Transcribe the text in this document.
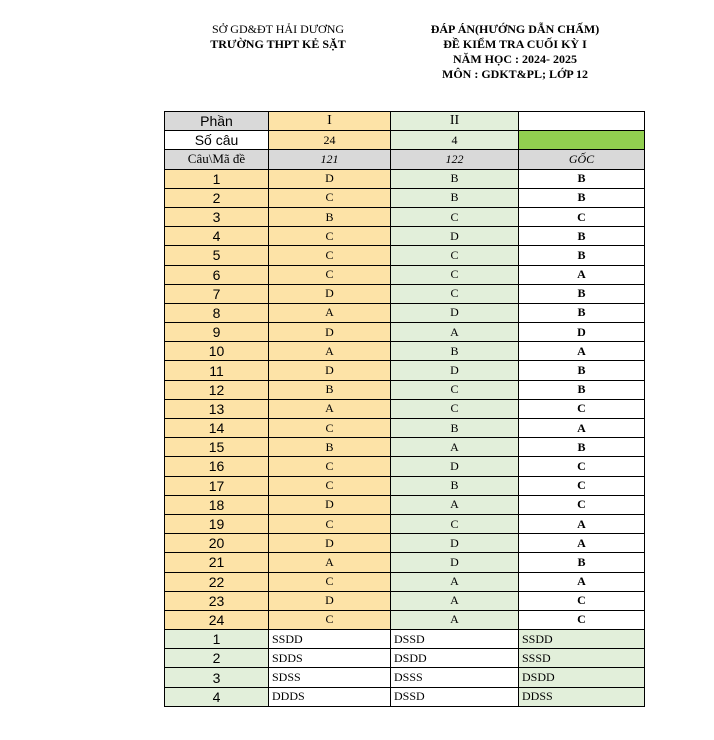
SỞ GD&ĐT HẢI DƯƠNG
TRƯỜNG THPT KẺ SẶT
ĐÁP ÁN(HƯỚNG DẪN CHẤM)
ĐỀ KIỂM TRA CUỐI KỲ I
NĂM HỌC : 2024- 2025
MÔN : GDKT&PL; LỚP 12
Phần	I	II	
Số câu	24	4	
Câu\Mã đề	121	122	GỐC
1	D	B	B
2	C	B	B
3	B	C	C
4	C	D	B
5	C	C	B
6	C	C	A
7	D	C	B
8	A	D	B
9	D	A	D
10	A	B	A
11	D	D	B
12	B	C	B
13	A	C	C
14	C	B	A
15	B	A	B
16	C	D	C
17	C	B	C
18	D	A	C
19	C	C	A
20	D	D	A
21	A	D	B
22	C	A	A
23	D	A	C
24	C	A	C
1	SSDD	DSSD	SSDD
2	SDDS	DSDD	SSSD
3	SDSS	DSSS	DSDD
4	DDDS	DSSD	DDSS
